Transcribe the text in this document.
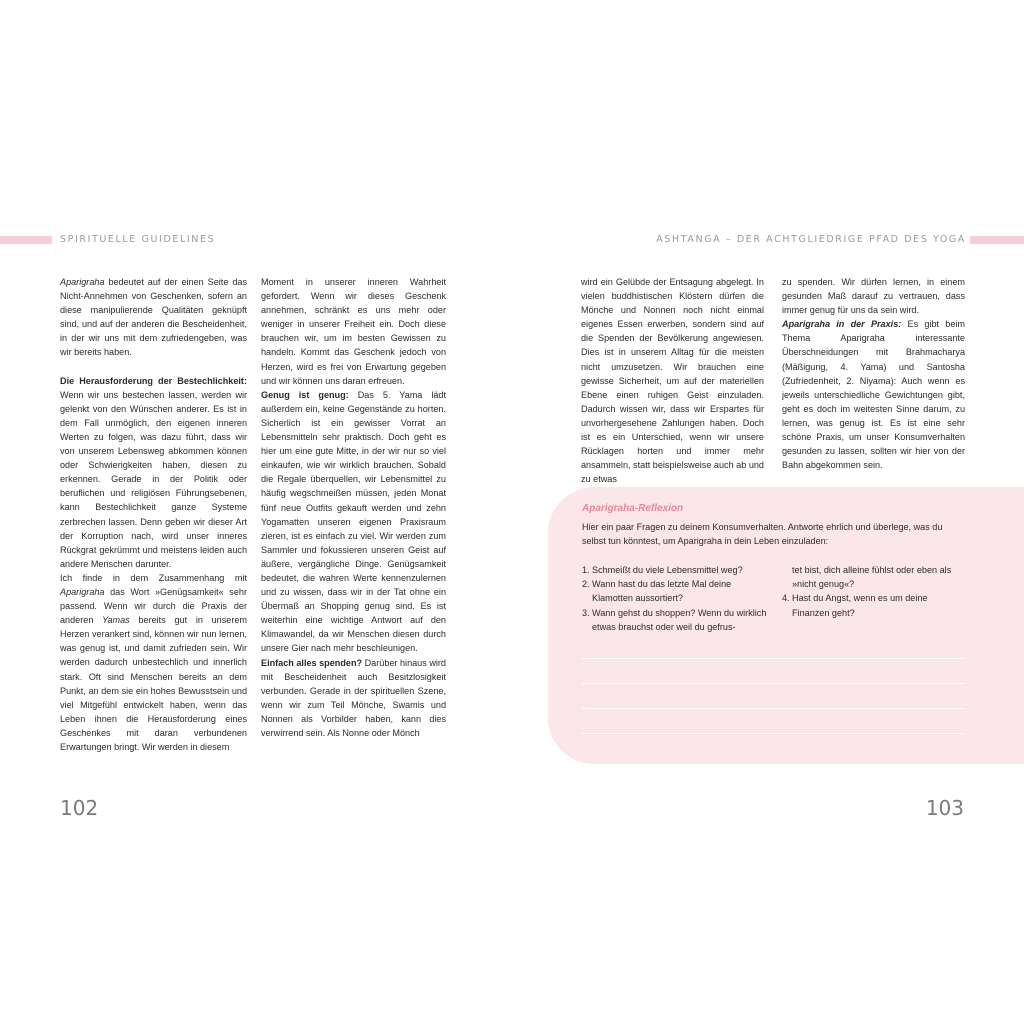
SPIRITUELLE GUIDELINES	ASHTANGA – DER ACHTGLIEDRIGE PFAD DES YOGA

Aparigraha bedeutet auf der einen Seite das Nicht-Annehmen von Geschenken, sofern an diese manipulierende Qualitäten geknüpft sind, und auf der anderen die Bescheidenheit, in der wir uns mit dem zufriedengeben, was wir bereits haben.

Die Herausforderung der Bestechlichkeit: Wenn wir uns bestechen lassen, werden wir gelenkt von den Wünschen anderer. Es ist in dem Fall unmöglich, den eigenen inneren Werten zu folgen, was dazu führt, dass wir von unserem Lebensweg abkommen können oder Schwierigkeiten haben, diesen zu erkennen. Gerade in der Politik oder beruflichen und religiösen Führungsebenen, kann Bestechlichkeit ganze Systeme zerbrechen lassen. Denn geben wir dieser Art der Korruption nach, wird unser inneres Rückgrat gekrümmt und meistens leiden auch andere Menschen darunter.

Ich finde in dem Zusammenhang mit Aparigraha das Wort »Genügsamkeit« sehr passend. Wenn wir durch die Praxis der anderen Yamas bereits gut in unserem Herzen verankert sind, können wir nun lernen, was genug ist, und damit zufrieden sein. Wir werden dadurch unbestechlich und innerlich stark. Oft sind Menschen bereits an dem Punkt, an dem sie ein hohes Bewusstsein und viel Mitgefühl entwickelt haben, wenn das Leben ihnen die Herausforderung eines Geschenkes mit daran verbundenen Erwartungen bringt. Wir werden in diesem

Moment in unserer inneren Wahrheit gefordert. Wenn wir dieses Geschenk annehmen, schränkt es uns mehr oder weniger in unserer Freiheit ein. Doch diese brauchen wir, um im besten Gewissen zu handeln. Kommt das Geschenk jedoch von Herzen, wird es frei von Erwartung gegeben und wir können uns daran erfreuen.

Genug ist genug: Das 5. Yama lädt außerdem ein, keine Gegenstände zu horten. Sicherlich ist ein gewisser Vorrat an Lebensmitteln sehr praktisch. Doch geht es hier um eine gute Mitte, in der wir nur so viel einkaufen, wie wir wirklich brauchen. Sobald die Regale überquellen, wir Lebensmittel zu häufig wegschmeißen müssen, jeden Monat fünf neue Outfits gekauft werden und zehn Yogamatten unseren eigenen Praxisraum zieren, ist es einfach zu viel. Wir werden zum Sammler und fokussieren unseren Geist auf äußere, vergängliche Dinge. Genügsamkeit bedeutet, die wahren Werte kennenzulernen und zu wissen, dass wir in der Tat ohne ein Übermaß an Shopping genug sind. Es ist weiterhin eine wichtige Antwort auf den Klimawandel, da wir Menschen diesen durch unsere Gier nach mehr beschleunigen.

Einfach alles spenden? Darüber hinaus wird mit Bescheidenheit auch Besitzlosigkeit verbunden. Gerade in der spirituellen Szene, wenn wir zum Teil Mönche, Swamis und Nonnen als Vorbilder haben, kann dies verwirrend sein. Als Nonne oder Mönch

wird ein Gelübde der Entsagung abgelegt. In vielen buddhistischen Klöstern dürfen die Mönche und Nonnen noch nicht einmal eigenes Essen erwerben, sondern sind auf die Spenden der Bevölkerung angewiesen. Dies ist in unserem Alltag für die meisten nicht umzusetzen. Wir brauchen eine gewisse Sicherheit, um auf der materiellen Ebene einen ruhigen Geist einzuladen. Dadurch wissen wir, dass wir Erspartes für unvorhergesehene Zahlungen haben. Doch ist es ein Unterschied, wenn wir unsere Rücklagen horten und immer mehr ansammeln, statt beispielsweise auch ab und zu etwas

zu spenden. Wir dürfen lernen, in einem gesunden Maß darauf zu vertrauen, dass immer genug für uns da sein wird.

Aparigraha in der Praxis: Es gibt beim Thema Aparigraha interessante Überschneidungen mit Brahmacharya (Mäßigung, 4. Yama) und Santosha (Zufriedenheit, 2. Niyama): Auch wenn es jeweils unterschiedliche Gewichtungen gibt, geht es doch im weitesten Sinne darum, zu lernen, was genug ist. Es ist eine sehr schöne Praxis, um unser Konsumverhalten gesunden zu lassen, sollten wir hier von der Bahn abgekommen sein.

Aparigraha-Reflexion
Hier ein paar Fragen zu deinem Konsumverhalten. Antworte ehrlich und überlege, was du selbst tun könntest, um Aparigraha in dein Leben einzuladen:
1. Schmeißt du viele Lebensmittel weg?
2. Wann hast du das letzte Mal deine Klamotten aussortiert?
3. Wann gehst du shoppen? Wenn du wirklich etwas brauchst oder weil du gefrus-
tet bist, dich alleine fühlst oder eben als »nicht genug«?
4. Hast du Angst, wenn es um deine Finanzen geht?
102	103
